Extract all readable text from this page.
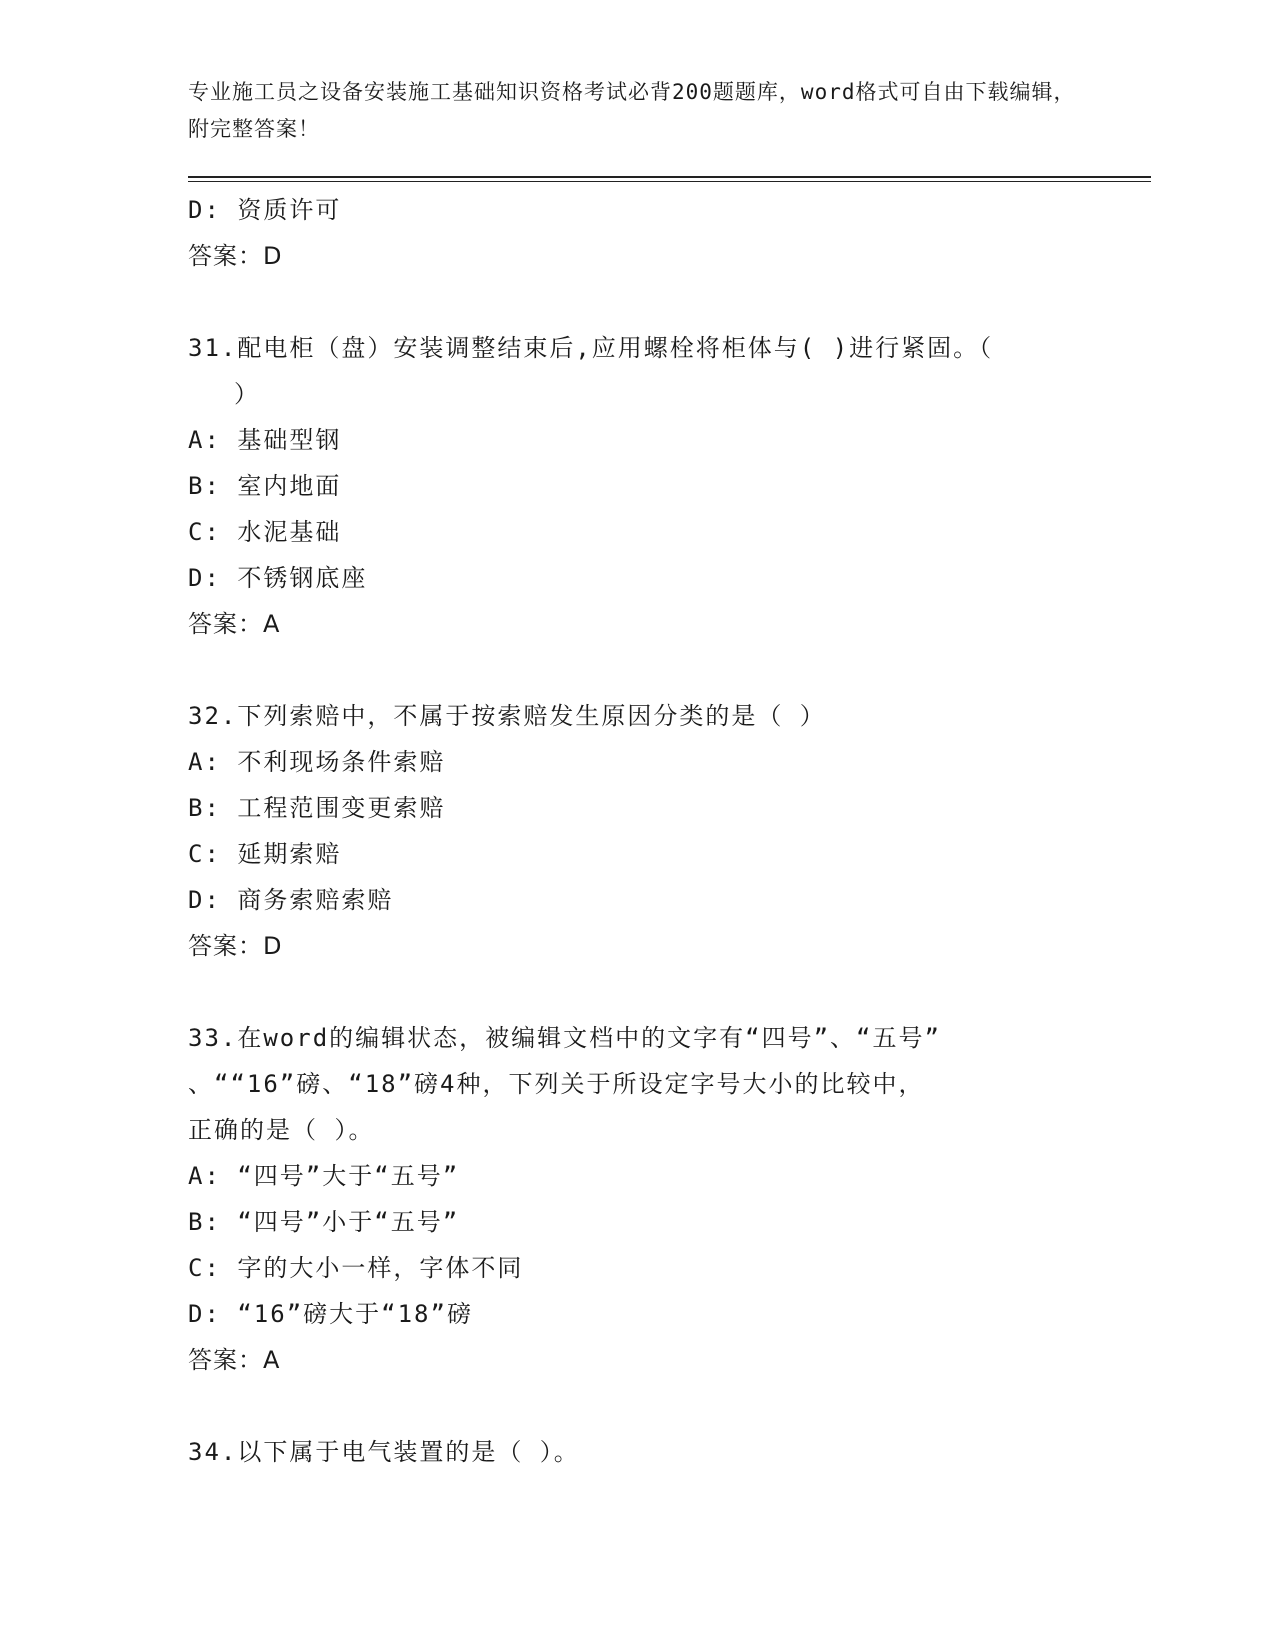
专业施工员之设备安装施工基础知识资格考试必背200题题库，word格式可自由下载编辑，附完整答案！

D: 资质许可
答案：D
31.配电柜（盘）安装调整结束后,应用螺栓将柜体与( )进行紧固。（
）
A: 基础型钢
B: 室内地面
C: 水泥基础
D: 不锈钢底座
答案：A
32.下列索赔中，不属于按索赔发生原因分类的是（ ）
A: 不利现场条件索赔
B: 工程范围变更索赔
C: 延期索赔
D: 商务索赔索赔
答案：D
33.在word的编辑状态，被编辑文档中的文字有“四号”、“五号”
、““16”磅、“18”磅4种，下列关于所设定字号大小的比较中，
正确的是（ ）。
A: “四号”大于“五号”
B: “四号”小于“五号”
C: 字的大小一样，字体不同
D: “16”磅大于“18”磅
答案：A
34.以下属于电气装置的是（ ）。
